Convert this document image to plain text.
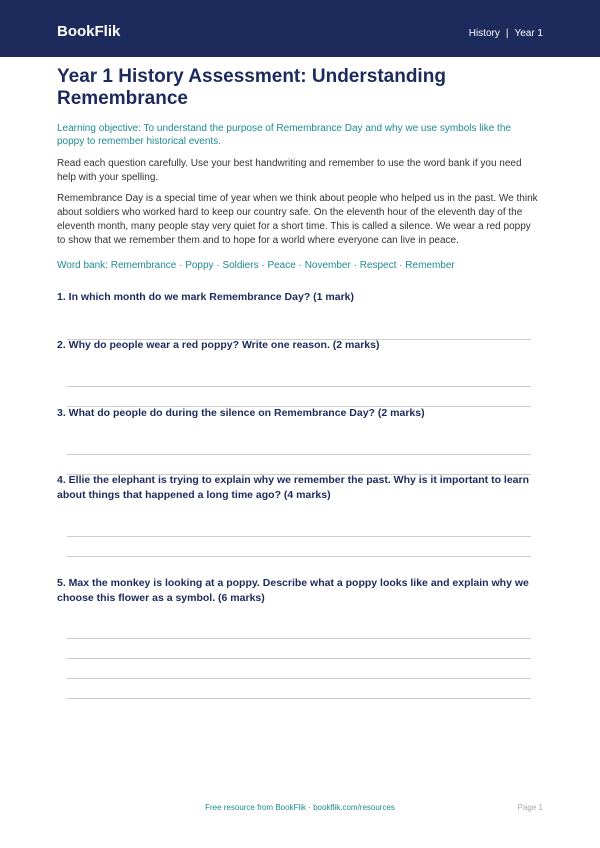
BookFlik	History | Year 1
Year 1 History Assessment: Understanding Remembrance

Learning objective: To understand the purpose of Remembrance Day and why we use symbols like the poppy to remember historical events.

Read each question carefully. Use your best handwriting and remember to use the word bank if you need help with your spelling.

Remembrance Day is a special time of year when we think about people who helped us in the past. We think about soldiers who worked hard to keep our country safe. On the eleventh hour of the eleventh day of the eleventh month, many people stay very quiet for a short time. This is called a silence. We wear a red poppy to show that we remember them and to hope for a world where everyone can live in peace.

Word bank: Remembrance · Poppy · Soldiers · Peace · November · Respect · Remember

1. In which month do we mark Remembrance Day? (1 mark)

2. Why do people wear a red poppy? Write one reason. (2 marks)

3. What do people do during the silence on Remembrance Day? (2 marks)

4. Ellie the elephant is trying to explain why we remember the past. Why is it important to learn about things that happened a long time ago? (4 marks)

5. Max the monkey is looking at a poppy. Describe what a poppy looks like and explain why we choose this flower as a symbol. (6 marks)

Free resource from BookFlik · bookflik.com/resources	Page 1
